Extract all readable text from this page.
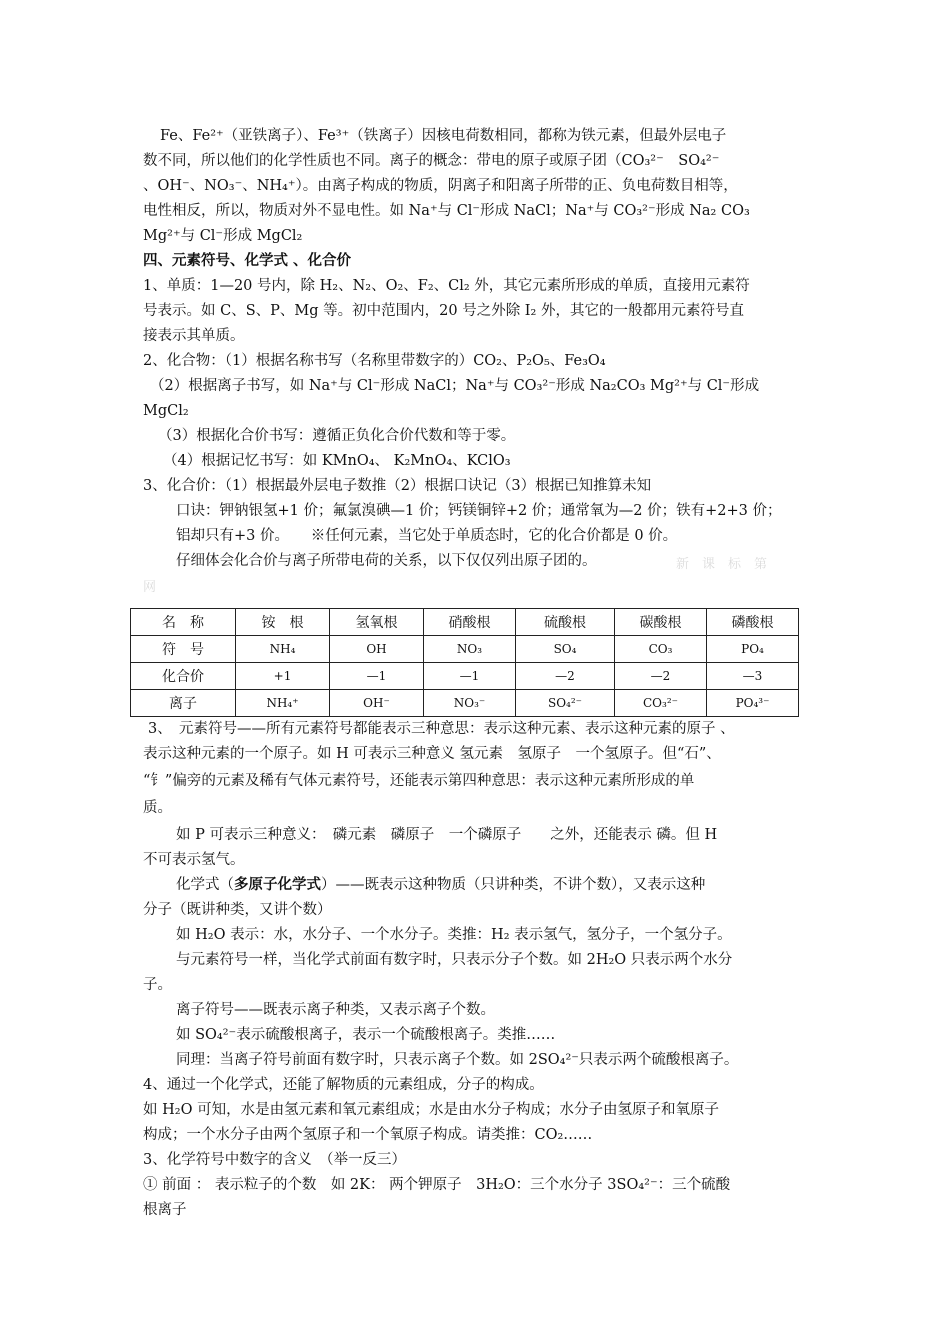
Fe、Fe²⁺（亚铁离子）、Fe³⁺（铁离子）因核电荷数相同，都称为铁元素，但最外层电子
数不同，所以他们的化学性质也不同。离子的概念：带电的原子或原子团（CO₃²⁻　SO₄²⁻
、OH⁻、NO₃⁻、NH₄⁺）。由离子构成的物质，阴离子和阳离子所带的正、负电荷数目相等，
电性相反，所以，物质对外不显电性。如 Na⁺与 Cl⁻形成 NaCl；Na⁺与 CO₃²⁻形成 Na₂ CO₃
Mg²⁺与 Cl⁻形成 MgCl₂
四、元素符号、化学式 、化合价
1、单质：1—20 号内，除 H₂、N₂、O₂、F₂、Cl₂ 外，其它元素所形成的单质，直接用元素符
号表示。如 C、S、P、Mg 等。初中范围内，20 号之外除 I₂ 外，其它的一般都用元素符号直
接表示其单质。
2、化合物：（1）根据名称书写（名称里带数字的）CO₂、P₂O₅、Fe₃O₄
（2）根据离子书写，如 Na⁺与 Cl⁻形成 NaCl；Na⁺与 CO₃²⁻形成 Na₂CO₃ Mg²⁺与 Cl⁻形成
MgCl₂
（3）根据化合价书写：遵循正负化合价代数和等于零。
（4）根据记忆书写：如 KMnO₄、 K₂MnO₄、KClO₃
3、化合价：（1）根据最外层电子数推（2）根据口诀记（3）根据已知推算未知
口诀：钾钠银氢+1 价；氟氯溴碘—1 价；钙镁铜锌+2 价；通常氧为—2 价；铁有+2+3 价；
铝却只有+3 价。　　※任何元素，当它处于单质态时，它的化合价都是 0 价。
仔细体会化合价与离子所带电荷的关系，以下仅仅列出原子团的。	新　课　标　第
网
名　称	铵　根	氢氧根	硝酸根	硫酸根	碳酸根	磷酸根
符　号	NH₄	OH	NO₃	SO₄	CO₃	PO₄
化合价	+1	—1	—1	—2	—2	—3
离子	NH₄⁺	OH⁻	NO₃⁻	SO₄²⁻	CO₃²⁻	PO₄³⁻
3、　元素符号——所有元素符号都能表示三种意思：表示这种元素、表示这种元素的原子 、
表示这种元素的一个原子。如 H 可表示三种意义 氢元素　氢原子　一个氢原子。但“石”、
“钅”偏旁的元素及稀有气体元素符号，还能表示第四种意思：表示这种元素所形成的单
质。
如 P 可表示三种意义：　磷元素　磷原子　一个磷原子　　之外，还能表示 磷。但 H
不可表示氢气。
化学式（多原子化学式）——既表示这种物质（只讲种类，不讲个数），又表示这种
分子（既讲种类，又讲个数）
如 H₂O 表示：水，水分子、一个水分子。类推：H₂ 表示氢气，氢分子，一个氢分子。
与元素符号一样，当化学式前面有数字时，只表示分子个数。如 2H₂O 只表示两个水分
子。
离子符号——既表示离子种类，又表示离子个数。
如 SO₄²⁻表示硫酸根离子，表示一个硫酸根离子。类推……
同理：当离子符号前面有数字时，只表示离子个数。如 2SO₄²⁻只表示两个硫酸根离子。
4、通过一个化学式，还能了解物质的元素组成，分子的构成。
如 H₂O 可知，水是由氢元素和氧元素组成；水是由水分子构成；水分子由氢原子和氧原子
构成；一个水分子由两个氢原子和一个氧原子构成。请类推：CO₂……
3、化学符号中数字的含义　（举一反三）
① 前面 ： 表示粒子的个数　如 2K： 两个钾原子　3H₂O：三个水分子 3SO₄²⁻：三个硫酸
根离子
